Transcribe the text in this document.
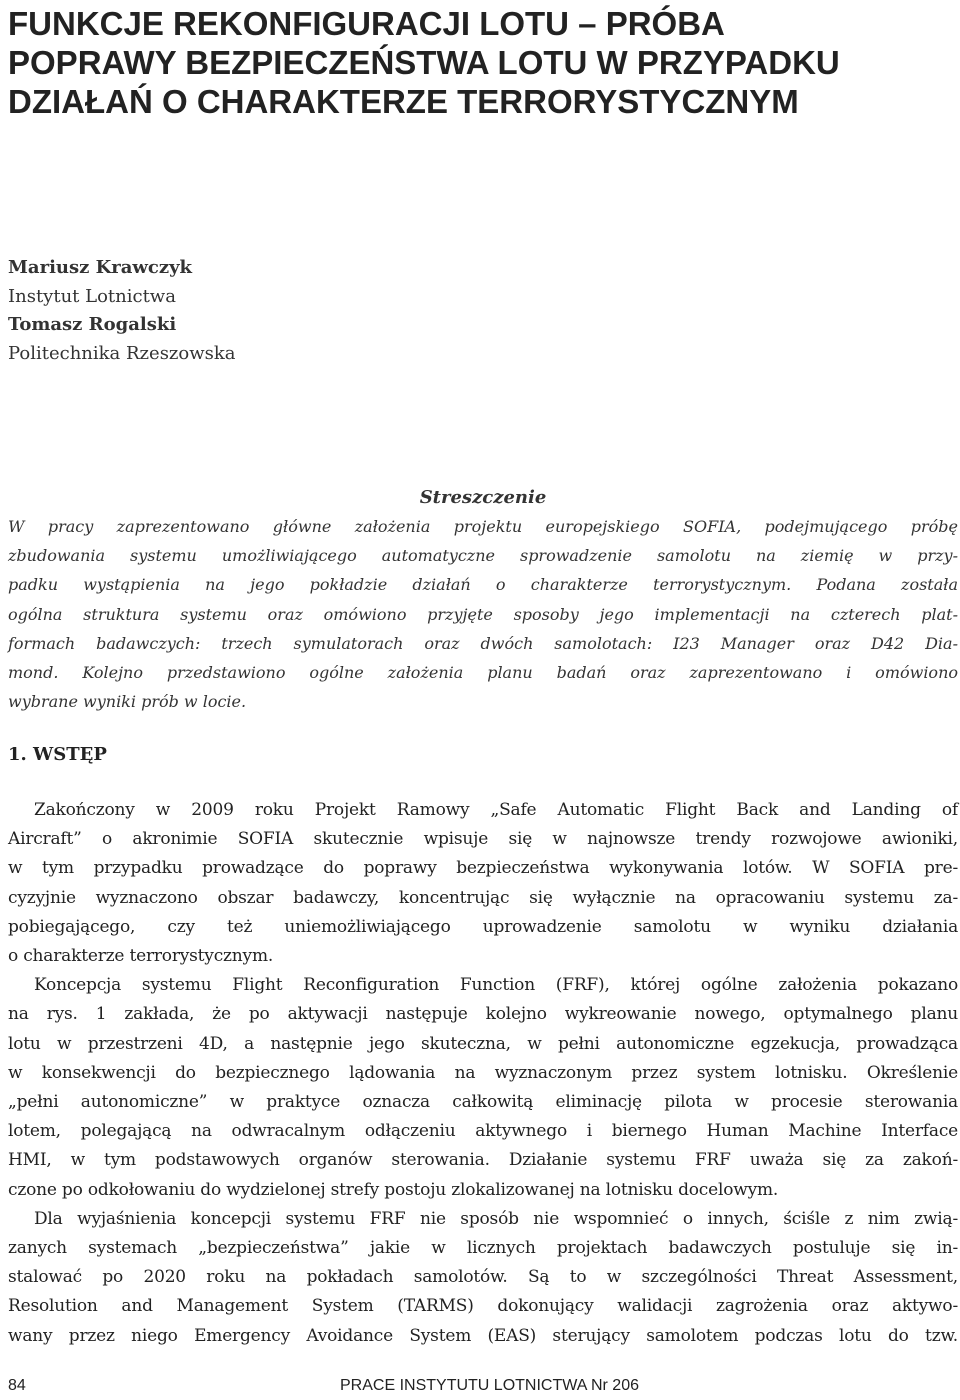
FUNKCJE REKONFIGURACJI LOTU – PRÓBA
POPRAWY BEZPIECZEŃSTWA LOTU W PRZYPADKU
DZIAŁAŃ O CHARAKTERZE TERRORYSTYCZNYM
Mariusz Krawczyk
Instytut Lotnictwa
Tomasz Rogalski
Politechnika Rzeszowska
Streszczenie
W pracy zaprezentowano główne założenia projektu europejskiego SOFIA, podejmującego próbę
zbudowania systemu umożliwiającego automatyczne sprowadzenie samolotu na ziemię w przy-
padku wystąpienia na jego pokładzie działań o charakterze terrorystycznym. Podana została
ogólna struktura systemu oraz omówiono przyjęte sposoby jego implementacji na czterech plat-
formach badawczych: trzech symulatorach oraz dwóch samolotach: I23 Manager oraz D42 Dia-
mond. Kolejno przedstawiono ogólne założenia planu badań oraz zaprezentowano i omówiono
wybrane wyniki prób w locie.
1. WSTĘP
Zakończony w 2009 roku Projekt Ramowy „Safe Automatic Flight Back and Landing of
Aircraft” o akronimie SOFIA skutecznie wpisuje się w najnowsze trendy rozwojowe awioniki,
w tym przypadku prowadzące do poprawy bezpieczeństwa wykonywania lotów. W SOFIA pre-
cyzyjnie wyznaczono obszar badawczy, koncentrując się wyłącznie na opracowaniu systemu za-
pobiegającego, czy też uniemożliwiającego uprowadzenie samolotu w wyniku działania
o charakterze terrorystycznym.
Koncepcja systemu Flight Reconfiguration Function (FRF), której ogólne założenia pokazano
na rys. 1 zakłada, że po aktywacji następuje kolejno wykreowanie nowego, optymalnego planu
lotu w przestrzeni 4D, a następnie jego skuteczna, w pełni autonomiczne egzekucja, prowadząca
w konsekwencji do bezpiecznego lądowania na wyznaczonym przez system lotnisku. Określenie
„pełni autonomiczne” w praktyce oznacza całkowitą eliminację pilota w procesie sterowania
lotem, polegającą na odwracalnym odłączeniu aktywnego i biernego Human Machine Interface
HMI, w tym podstawowych organów sterowania. Działanie systemu FRF uważa się za zakoń-
czone po odkołowaniu do wydzielonej strefy postoju zlokalizowanej na lotnisku docelowym.
Dla wyjaśnienia koncepcji systemu FRF nie sposób nie wspomnieć o innych, ściśle z nim zwią-
zanych systemach „bezpieczeństwa” jakie w licznych projektach badawczych postuluje się in-
stalować po 2020 roku na pokładach samolotów. Są to w szczególności Threat Assessment,
Resolution and Management System (TARMS) dokonujący walidacji zagrożenia oraz aktywo-
wany przez niego Emergency Avoidance System (EAS) sterujący samolotem podczas lotu do tzw.
84	PRACE INSTYTUTU LOTNICTWA Nr 206
